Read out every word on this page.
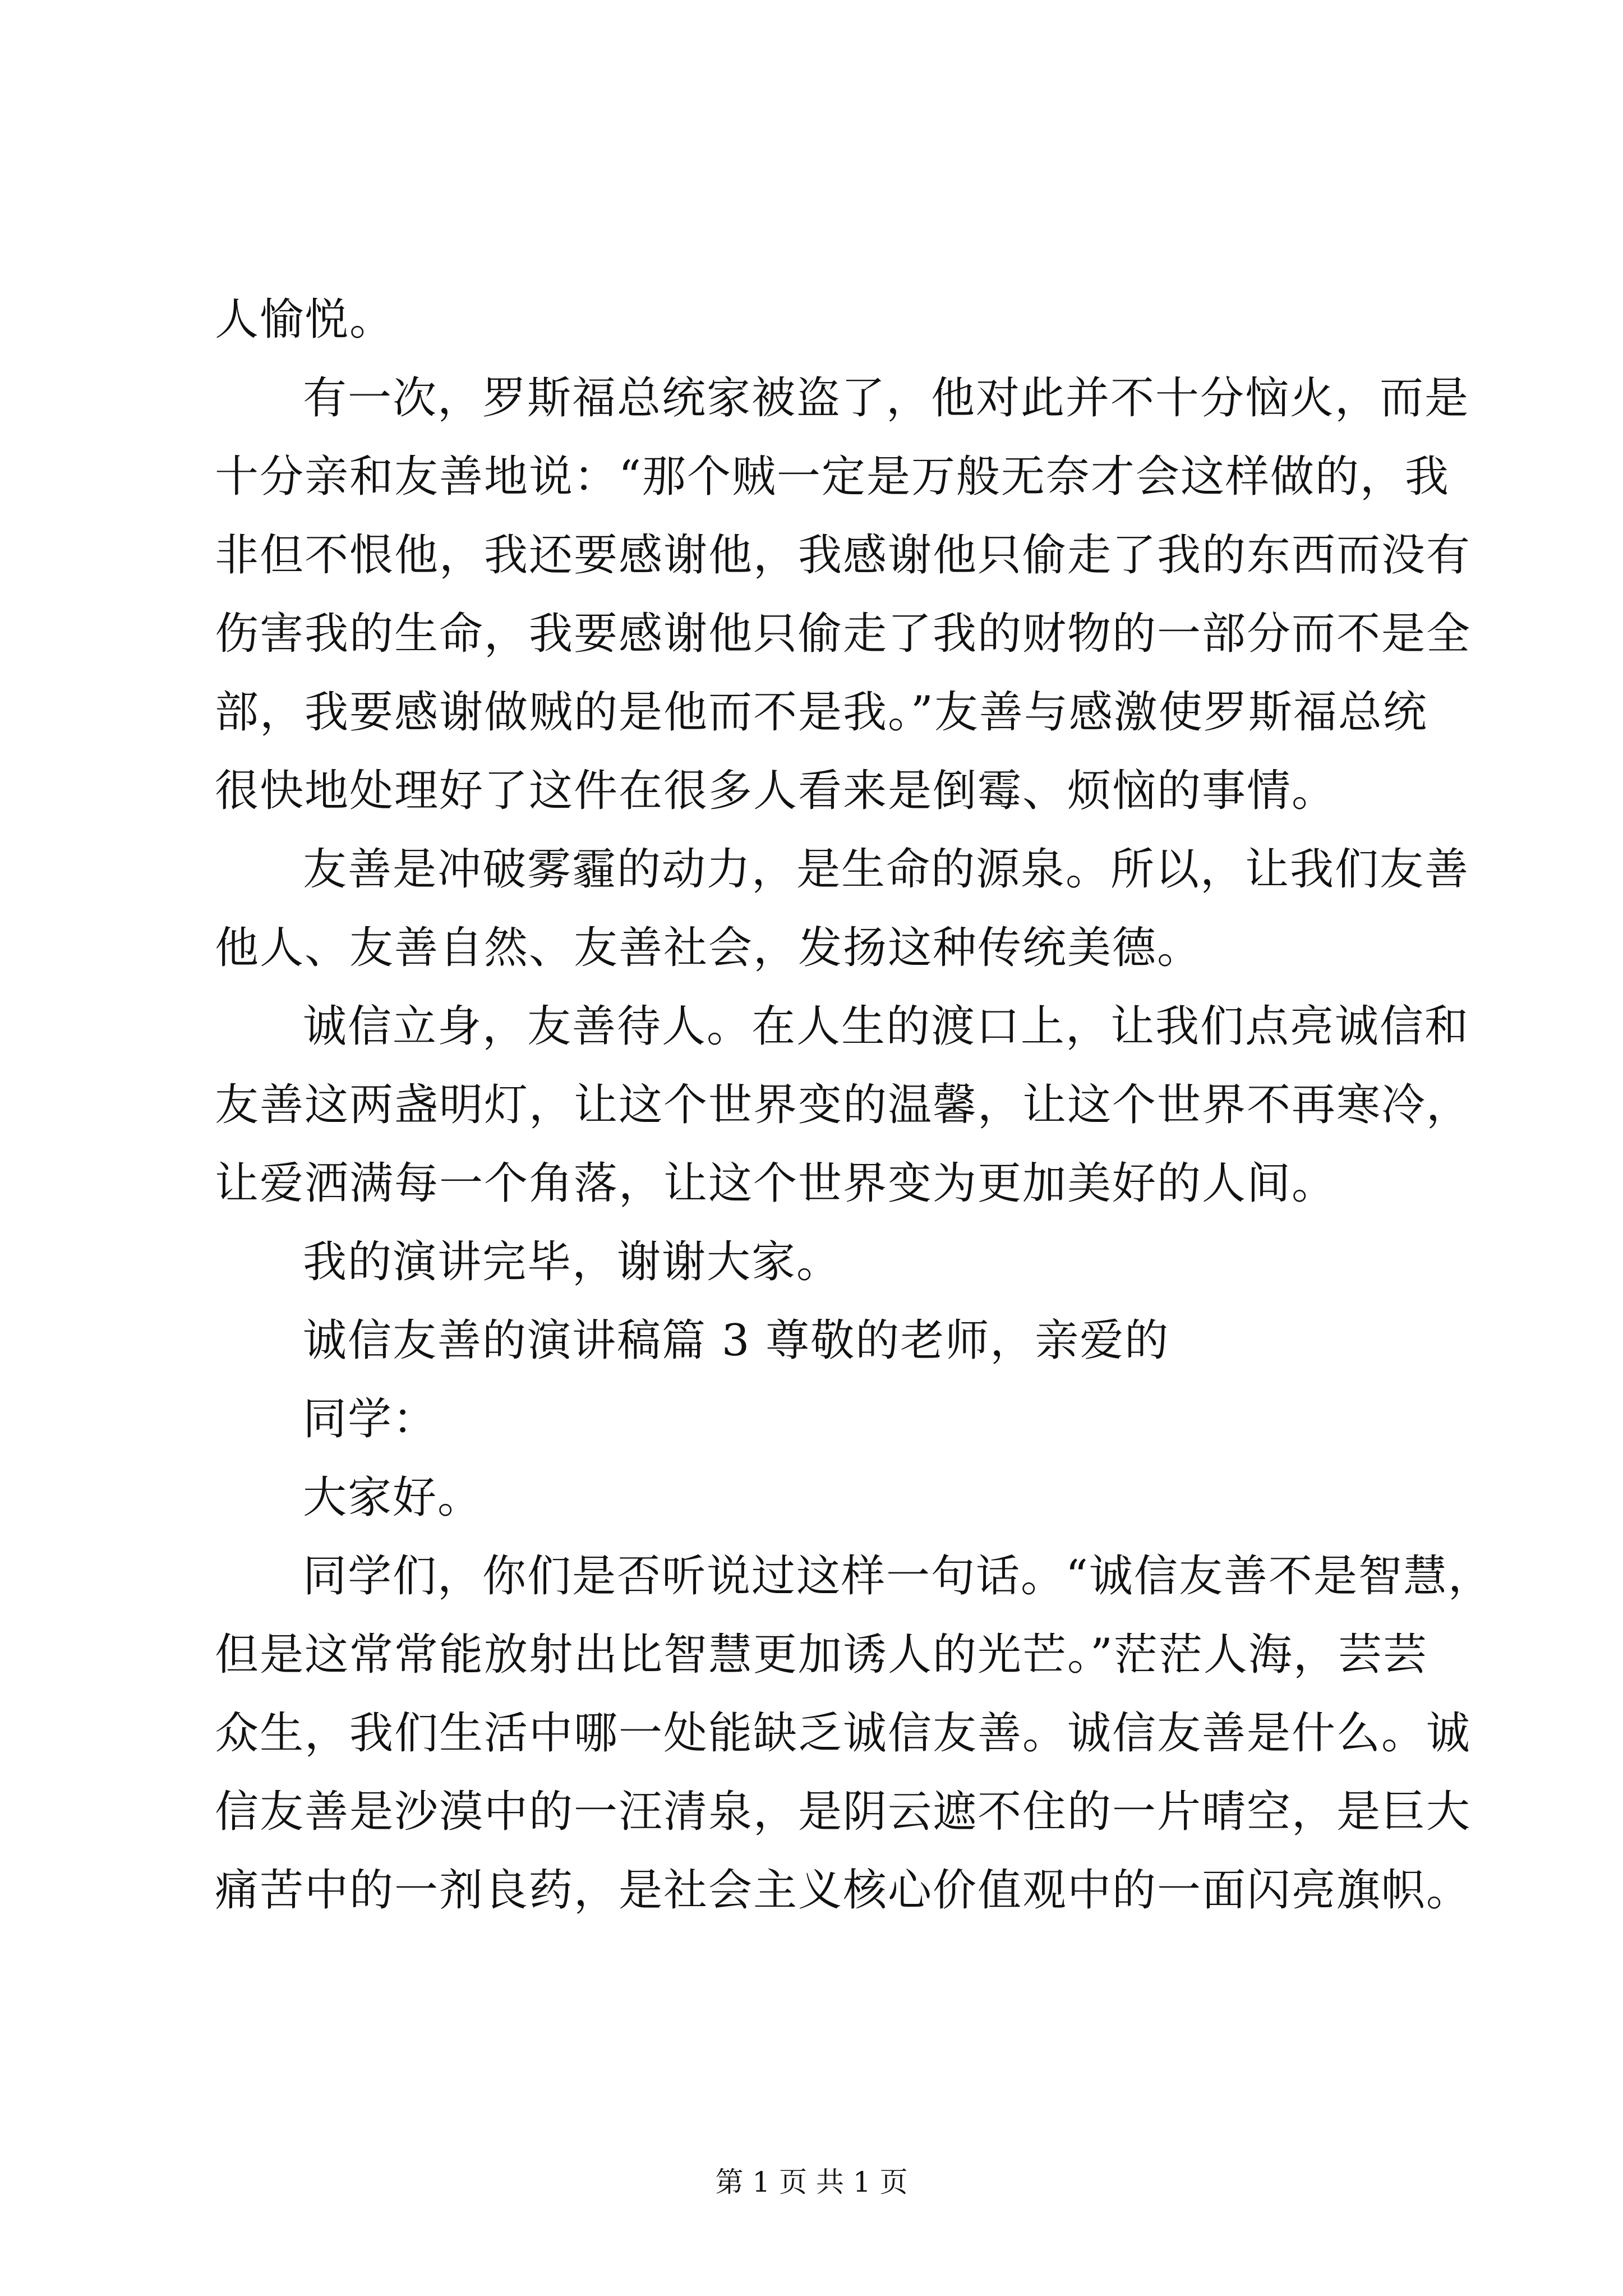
人愉悦。
有一次，罗斯福总统家被盗了，他对此并不十分恼火，而是
十分亲和友善地说：“那个贼一定是万般无奈才会这样做的，我
非但不恨他，我还要感谢他，我感谢他只偷走了我的东西而没有
伤害我的生命，我要感谢他只偷走了我的财物的一部分而不是全
部，我要感谢做贼的是他而不是我。”友善与感激使罗斯福总统
很快地处理好了这件在很多人看来是倒霉、烦恼的事情。
友善是冲破雾霾的动力，是生命的源泉。所以，让我们友善
他人、友善自然、友善社会，发扬这种传统美德。
诚信立身，友善待人。在人生的渡口上，让我们点亮诚信和
友善这两盏明灯，让这个世界变的温馨，让这个世界不再寒冷，
让爱洒满每一个角落，让这个世界变为更加美好的人间。
我的演讲完毕，谢谢大家。
诚信友善的演讲稿篇 3 尊敬的老师，亲爱的
同学：
大家好。
同学们，你们是否听说过这样一句话。“诚信友善不是智慧，
但是这常常能放射出比智慧更加诱人的光芒。”茫茫人海，芸芸
众生，我们生活中哪一处能缺乏诚信友善。诚信友善是什么。诚
信友善是沙漠中的一汪清泉，是阴云遮不住的一片晴空，是巨大
痛苦中的一剂良药，是社会主义核心价值观中的一面闪亮旗帜。
第 1 页 共 1 页
